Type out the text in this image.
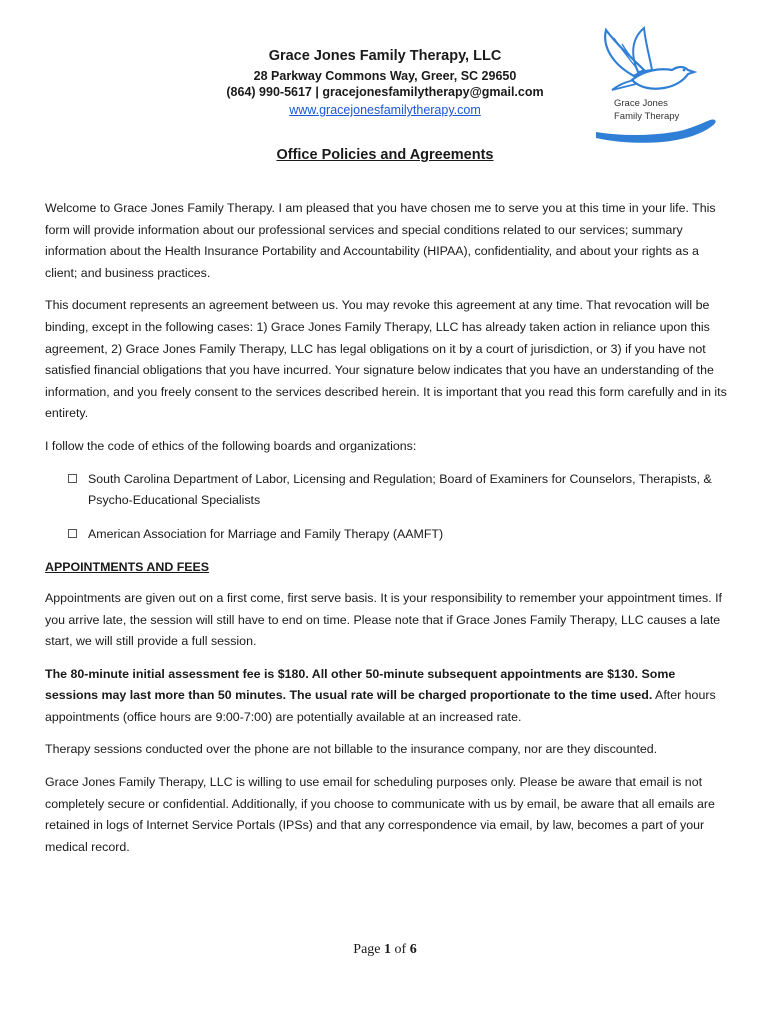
Grace Jones Family Therapy, LLC
28 Parkway Commons Way, Greer, SC 29650
(864) 990-5617 | gracejonesfamilytherapy@gmail.com
www.gracejonesfamilytherapy.com	Grace Jones
Family Therapy
Office Policies and Agreements

Welcome to Grace Jones Family Therapy. I am pleased that you have chosen me to serve you at this time in your life. This form will provide information about our professional services and special conditions related to our services; summary information about the Health Insurance Portability and Accountability (HIPAA), confidentiality, and about your rights as a client; and business practices.

This document represents an agreement between us. You may revoke this agreement at any time. That revocation will be binding, except in the following cases: 1) Grace Jones Family Therapy, LLC has already taken action in reliance upon this agreement, 2) Grace Jones Family Therapy, LLC has legal obligations on it by a court of jurisdiction, or 3) if you have not satisfied financial obligations that you have incurred. Your signature below indicates that you have an understanding of the information, and you freely consent to the services described herein. It is important that you read this form carefully and in its entirety.

I follow the code of ethics of the following boards and organizations:

South Carolina Department of Labor, Licensing and Regulation; Board of Examiners for Counselors, Therapists, & Psycho-Educational Specialists
American Association for Marriage and Family Therapy (AAMFT)
APPOINTMENTS AND FEES

Appointments are given out on a first come, first serve basis. It is your responsibility to remember your appointment times. If you arrive late, the session will still have to end on time. Please note that if Grace Jones Family Therapy, LLC causes a late start, we will still provide a full session.

The 80-minute initial assessment fee is $180. All other 50-minute subsequent appointments are $130. Some sessions may last more than 50 minutes. The usual rate will be charged proportionate to the time used. After hours appointments (office hours are 9:00-7:00) are potentially available at an increased rate.

Therapy sessions conducted over the phone are not billable to the insurance company, nor are they discounted.

Grace Jones Family Therapy, LLC is willing to use email for scheduling purposes only. Please be aware that email is not completely secure or confidential. Additionally, if you choose to communicate with us by email, be aware that all emails are retained in logs of Internet Service Portals (IPSs) and that any correspondence via email, by law, becomes a part of your medical record.

Page 1 of 6
